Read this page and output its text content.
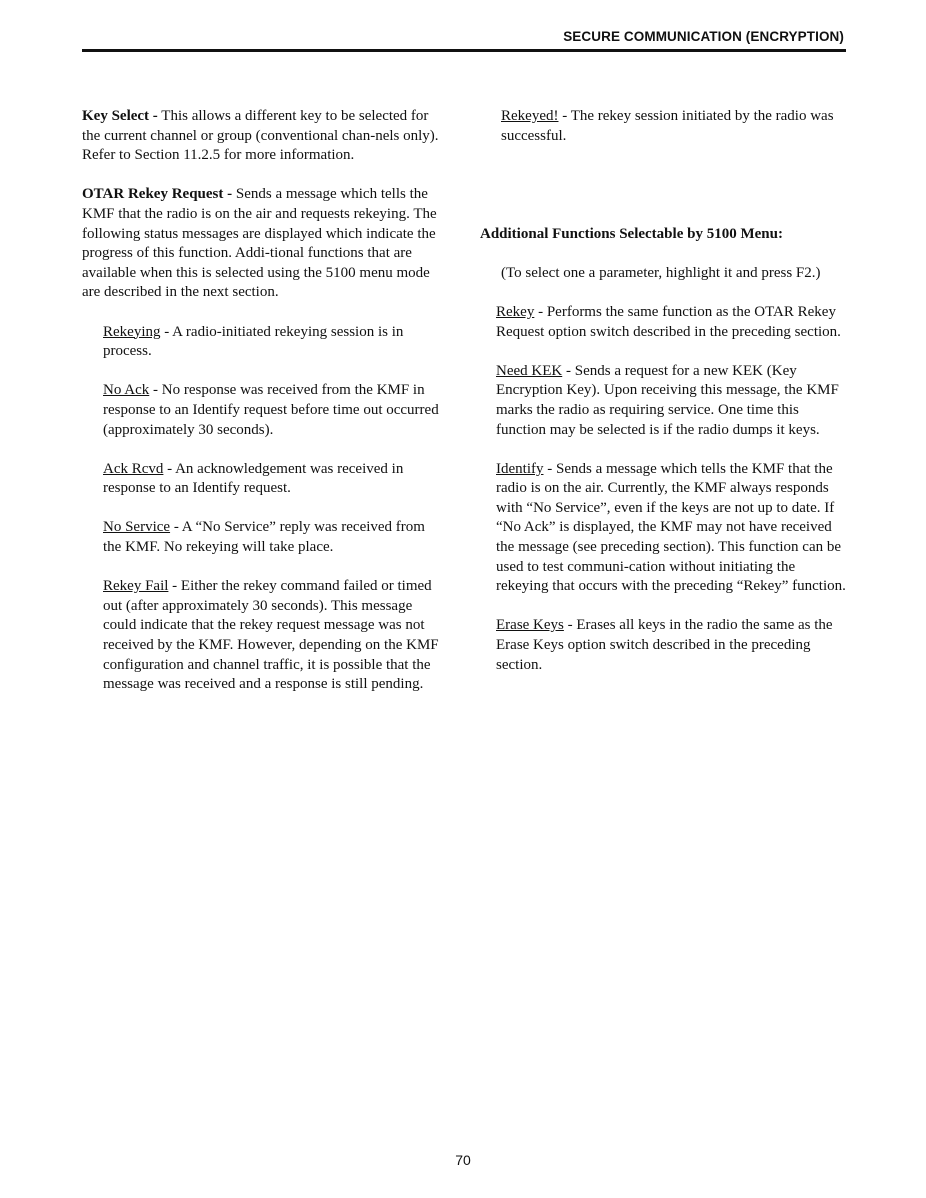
SECURE COMMUNICATION (ENCRYPTION)

Key Select - This allows a different key to be selected for the current channel or group (conventional chan-nels only). Refer to Section 11.2.5 for more information.

OTAR Rekey Request - Sends a message which tells the KMF that the radio is on the air and requests rekeying. The following status messages are displayed which indicate the progress of this function. Addi-tional functions that are available when this is selected using the 5100 menu mode are described in the next section.

Rekeying - A radio-initiated rekeying session is in process.

No Ack - No response was received from the KMF in response to an Identify request before time out occurred (approximately 30 seconds).

Ack Rcvd - An acknowledgement was received in response to an Identify request.

No Service - A “No Service” reply was received from the KMF. No rekeying will take place.

Rekey Fail - Either the rekey command failed or timed out (after approximately 30 seconds). This message could indicate that the rekey request message was not received by the KMF. However, depending on the KMF configuration and channel traffic, it is possible that the message was received and a response is still pending.

Rekeyed! - The rekey session initiated by the radio was successful.

Additional Functions Selectable by 5100 Menu:

(To select one a parameter, highlight it and press F2.)

Rekey - Performs the same function as the OTAR Rekey Request option switch described in the preceding section.

Need KEK - Sends a request for a new KEK (Key Encryption Key). Upon receiving this message, the KMF marks the radio as requiring service. One time this function may be selected is if the radio dumps it keys.

Identify - Sends a message which tells the KMF that the radio is on the air. Currently, the KMF always responds with “No Service”, even if the keys are not up to date. If “No Ack” is displayed, the KMF may not have received the message (see preceding section). This function can be used to test communi-cation without initiating the rekeying that occurs with the preceding “Rekey” function.

Erase Keys - Erases all keys in the radio the same as the Erase Keys option switch described in the preceding section.

70
